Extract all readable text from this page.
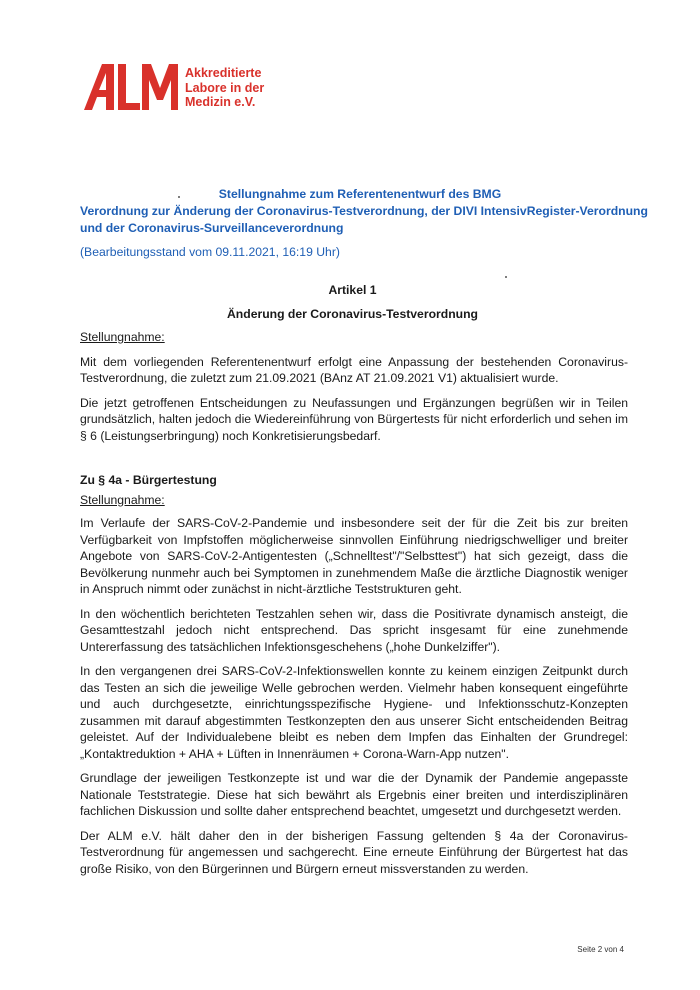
Akkreditierte
Labore in der
Medizin e.V.
Stellungnahme zum Referentenentwurf des BMG
Verordnung zur Änderung der Coronavirus-Testverordnung, der DIVI IntensivRegister-Verordnung
und der Coronavirus-Surveillanceverordnung
(Bearbeitungsstand vom 09.11.2021, 16:19 Uhr)
Artikel 1
Änderung der Coronavirus-Testverordnung

Stellungnahme:

Mit dem vorliegenden Referentenentwurf erfolgt eine Anpassung der bestehenden Coronavirus-Testverordnung, die zuletzt zum 21.09.2021 (BAnz AT 21.09.2021 V1) aktualisiert wurde.

Die jetzt getroffenen Entscheidungen zu Neufassungen und Ergänzungen begrüßen wir in Teilen grundsätzlich, halten jedoch die Wiedereinführung von Bürgertests für nicht erforderlich und sehen im § 6 (Leistungserbringung) noch Konkretisierungsbedarf.

Zu § 4a - Bürgertestung

Stellungnahme:

Im Verlaufe der SARS-CoV-2-Pandemie und insbesondere seit der für die Zeit bis zur breiten Verfügbarkeit von Impfstoffen möglicherweise sinnvollen Einführung niedrigschwelliger und breiter Angebote von SARS-CoV-2-Antigentesten („Schnelltest"/"Selbsttest") hat sich gezeigt, dass die Bevölkerung nunmehr auch bei Symptomen in zunehmendem Maße die ärztliche Diagnostik weniger in Anspruch nimmt oder zunächst in nicht-ärztliche Teststrukturen geht.

In den wöchentlich berichteten Testzahlen sehen wir, dass die Positivrate dynamisch ansteigt, die Gesamttestzahl jedoch nicht entsprechend. Das spricht insgesamt für eine zunehmende Untererfassung des tatsächlichen Infektionsgeschehens („hohe Dunkelziffer").

In den vergangenen drei SARS-CoV-2-Infektionswellen konnte zu keinem einzigen Zeitpunkt durch das Testen an sich die jeweilige Welle gebrochen werden. Vielmehr haben konsequent eingeführte und auch durchgesetzte, einrichtungsspezifische Hygiene- und Infektionsschutz-Konzepten zusammen mit darauf abgestimmten Testkonzepten den aus unserer Sicht entscheidenden Beitrag geleistet. Auf der Individualebene bleibt es neben dem Impfen das Einhalten der Grundregel: „Kontaktreduktion + AHA + Lüften in Innenräumen + Corona-Warn-App nutzen".

Grundlage der jeweiligen Testkonzepte ist und war die der Dynamik der Pandemie angepasste Nationale Teststrategie. Diese hat sich bewährt als Ergebnis einer breiten und interdisziplinären fachlichen Diskussion und sollte daher entsprechend beachtet, umgesetzt und durchgesetzt werden.

Der ALM e.V. hält daher den in der bisherigen Fassung geltenden § 4a der Coronavirus-Testverordnung für angemessen und sachgerecht. Eine erneute Einführung der Bürgertest hat das große Risiko, von den Bürgerinnen und Bürgern erneut missverstanden zu werden.

Seite 2 von 4
